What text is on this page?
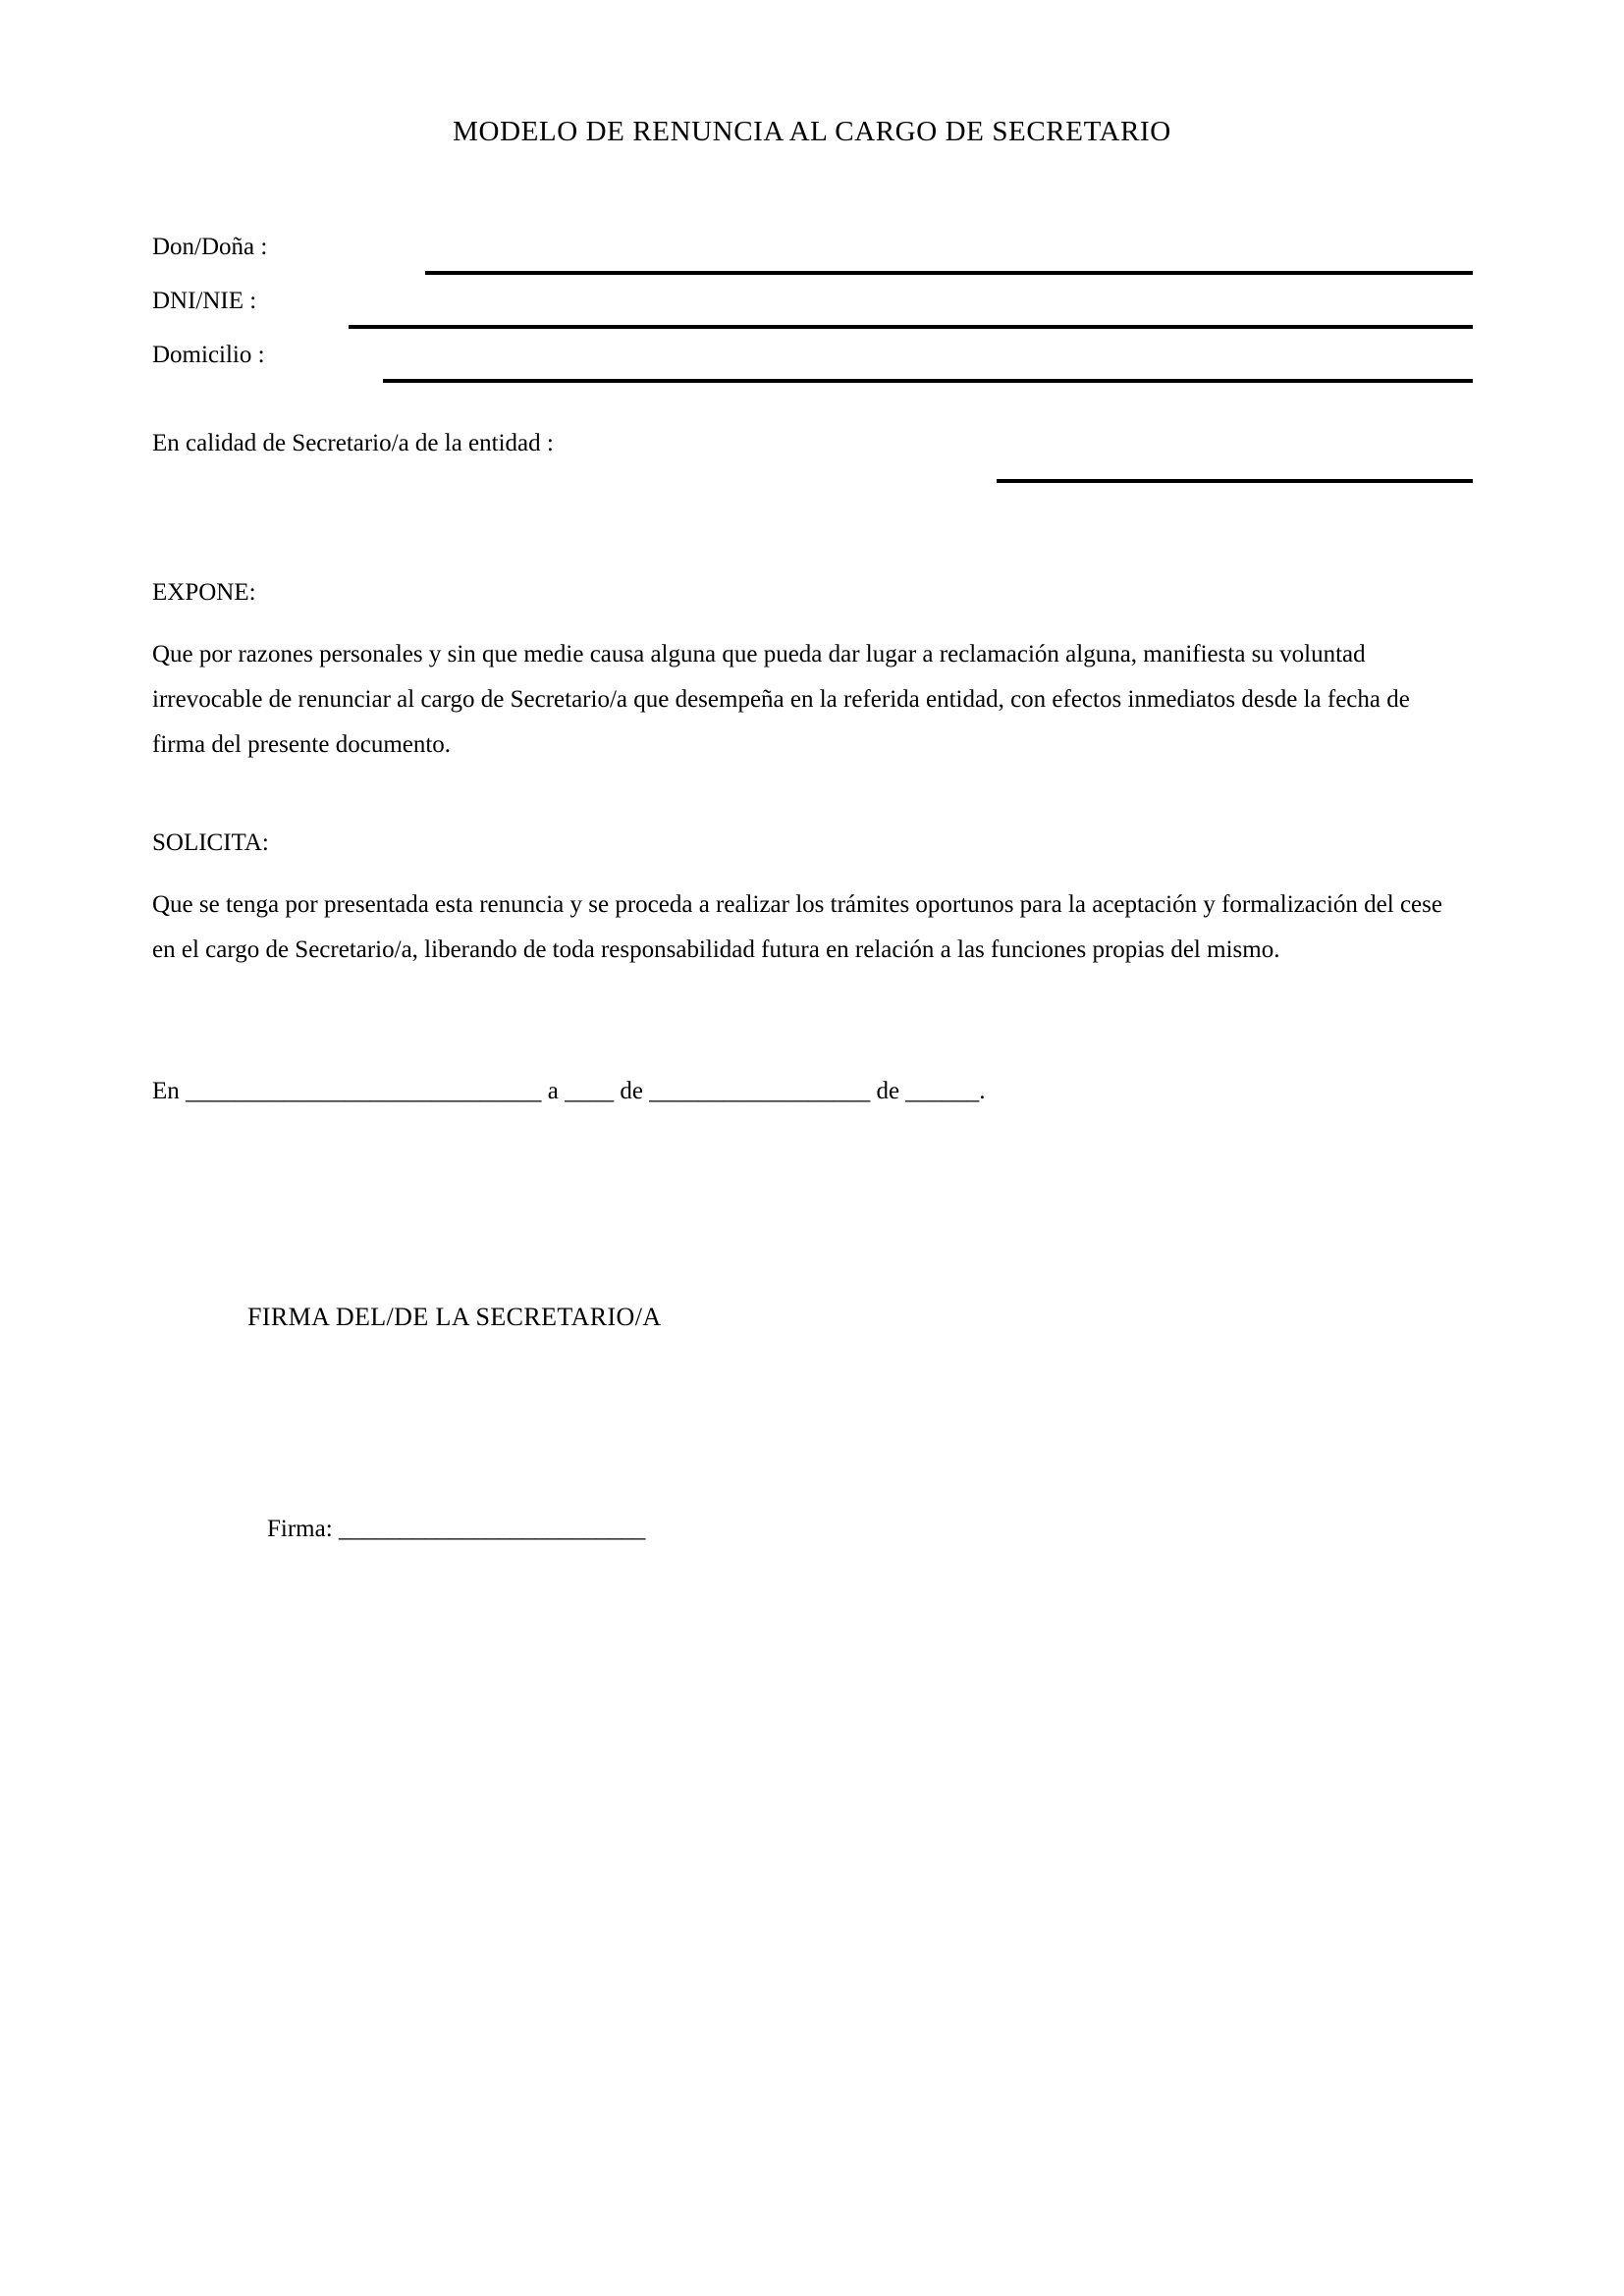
MODELO DE RENUNCIA AL CARGO DE SECRETARIO
Don/Doña :
DNI/NIE :
Domicilio :
En calidad de Secretario/a de la entidad :

EXPONE:

Que por razones personales y sin que medie causa alguna que pueda dar lugar a reclamación alguna, manifiesta su voluntad irrevocable de renunciar al cargo de Secretario/a que desempeña en la referida entidad, con efectos inmediatos desde la fecha de firma del presente documento.

SOLICITA:

Que se tenga por presentada esta renuncia y se proceda a realizar los trámites oportunos para la aceptación y formalización del cese en el cargo de Secretario/a, liberando de toda responsabilidad futura en relación a las funciones propias del mismo.

En _____________________________ a ____ de __________________ de ______.
FIRMA DEL/DE LA SECRETARIO/A
Firma: _________________________
